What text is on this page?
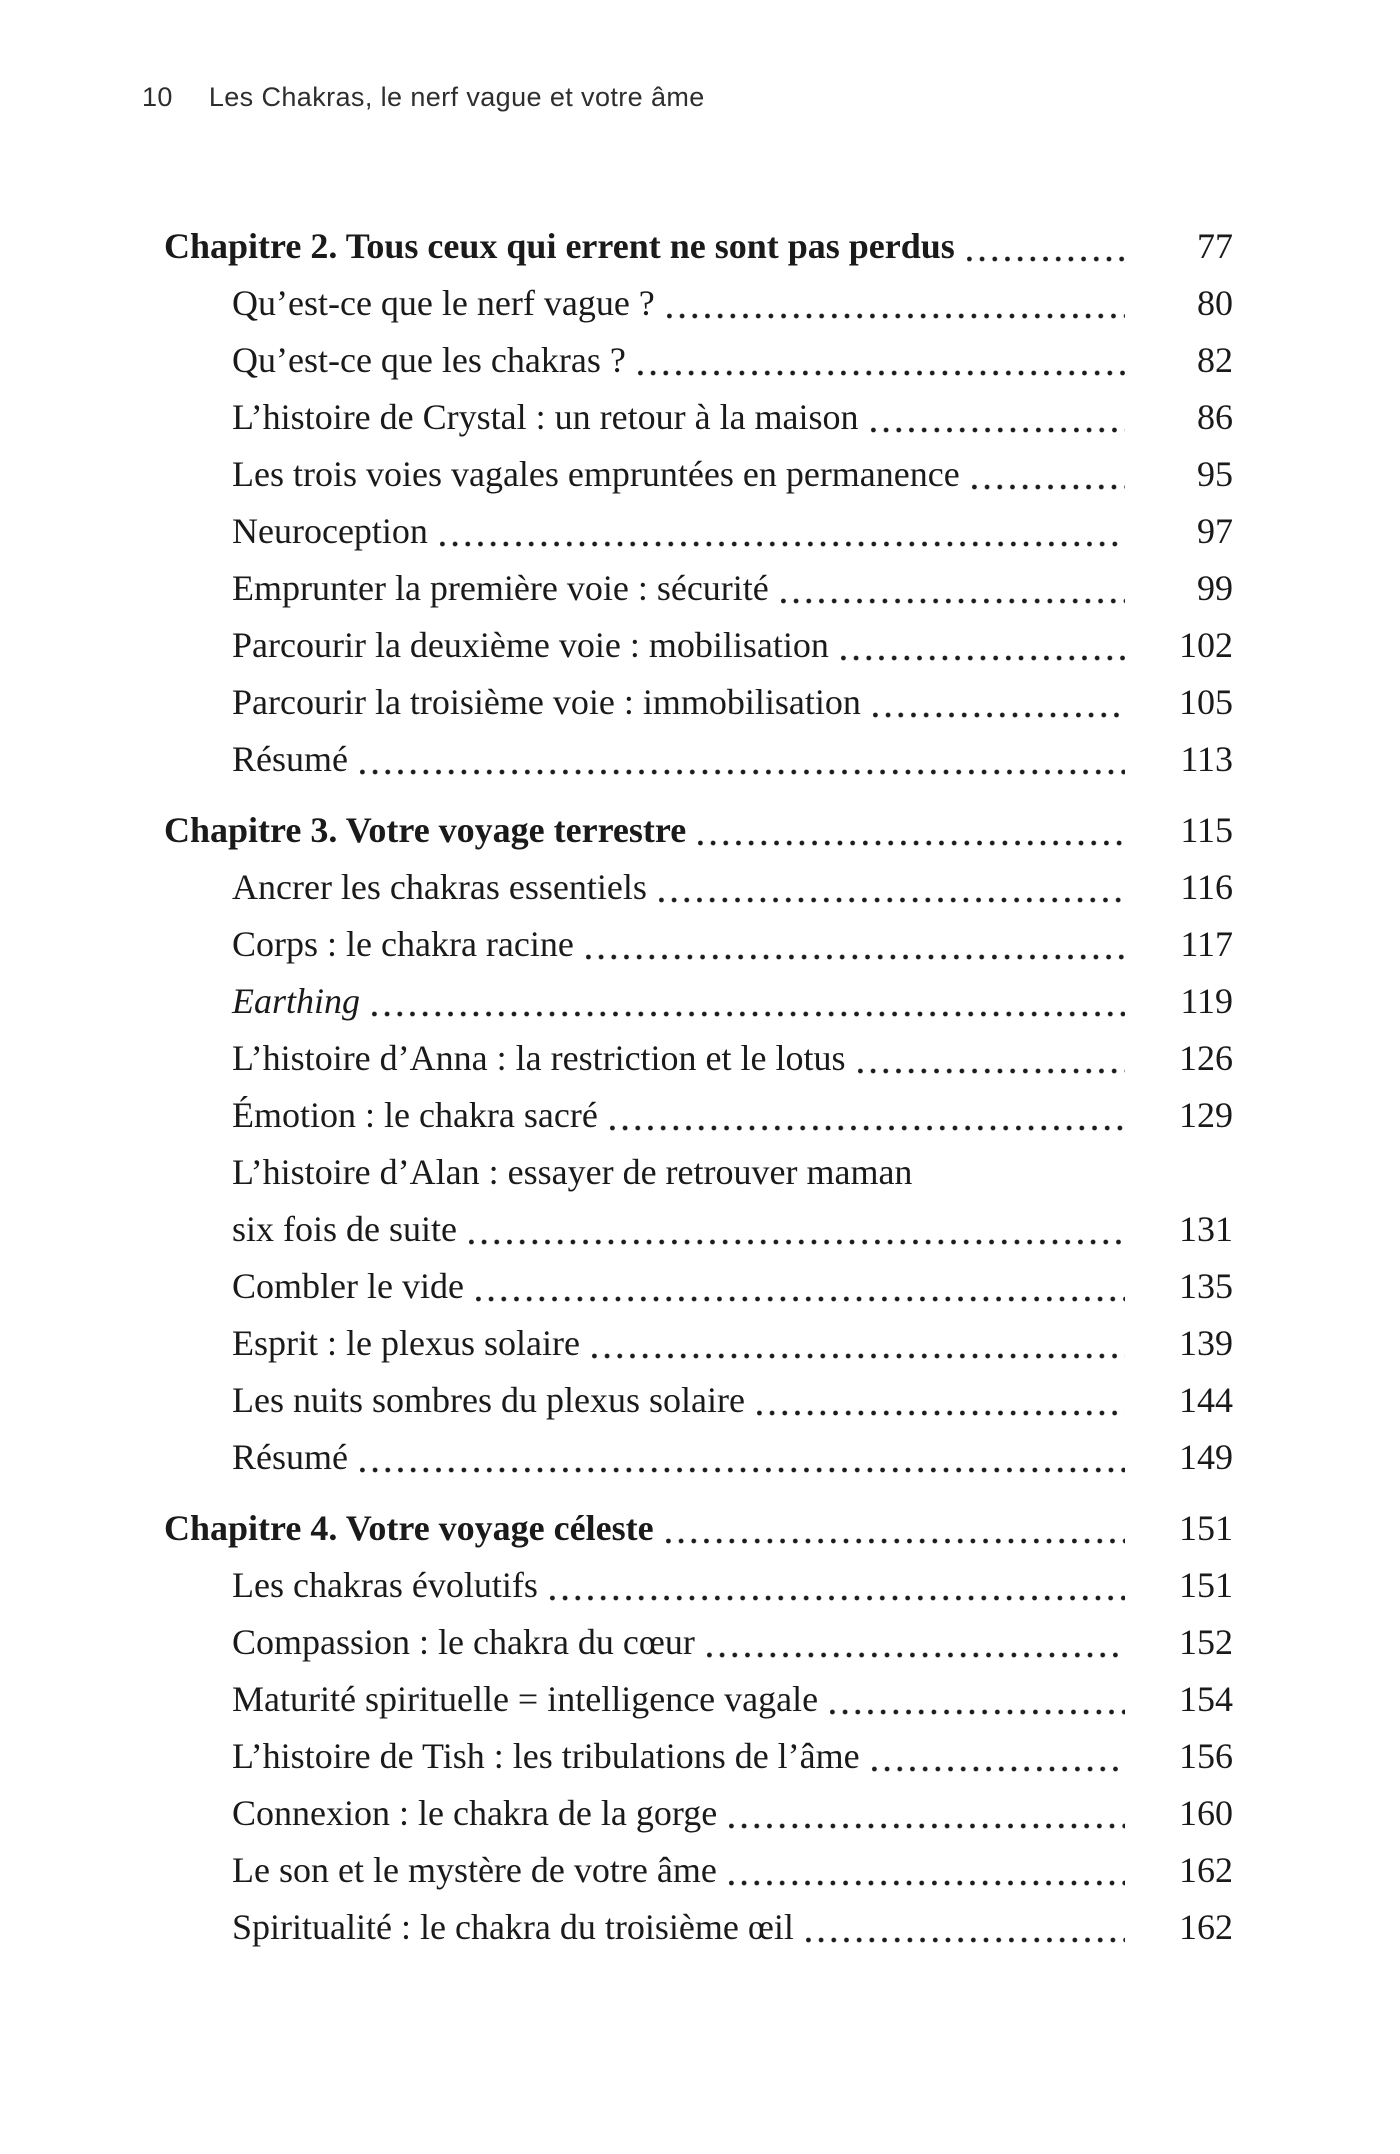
10 Les Chakras, le nerf vague et votre âme
Chapitre 2. Tous ceux qui errent ne sont pas perdus	77
Qu’est-ce que le nerf vague ?	80
Qu’est-ce que les chakras ?	82
L’histoire de Crystal : un retour à la maison	86
Les trois voies vagales empruntées en permanence	95
Neuroception	97
Emprunter la première voie : sécurité	99
Parcourir la deuxième voie : mobilisation	102
Parcourir la troisième voie : immobilisation	105
Résumé	113
Chapitre 3. Votre voyage terrestre	115
Ancrer les chakras essentiels	116
Corps : le chakra racine	117
Earthing	119
L’histoire d’Anna : la restriction et le lotus	126
Émotion : le chakra sacré	129
L’histoire d’Alan : essayer de retrouver maman
six fois de suite	131
Combler le vide	135
Esprit : le plexus solaire	139
Les nuits sombres du plexus solaire	144
Résumé	149
Chapitre 4. Votre voyage céleste	151
Les chakras évolutifs	151
Compassion : le chakra du cœur	152
Maturité spirituelle = intelligence vagale	154
L’histoire de Tish : les tribulations de l’âme	156
Connexion : le chakra de la gorge	160
Le son et le mystère de votre âme	162
Spiritualité : le chakra du troisième œil	162
